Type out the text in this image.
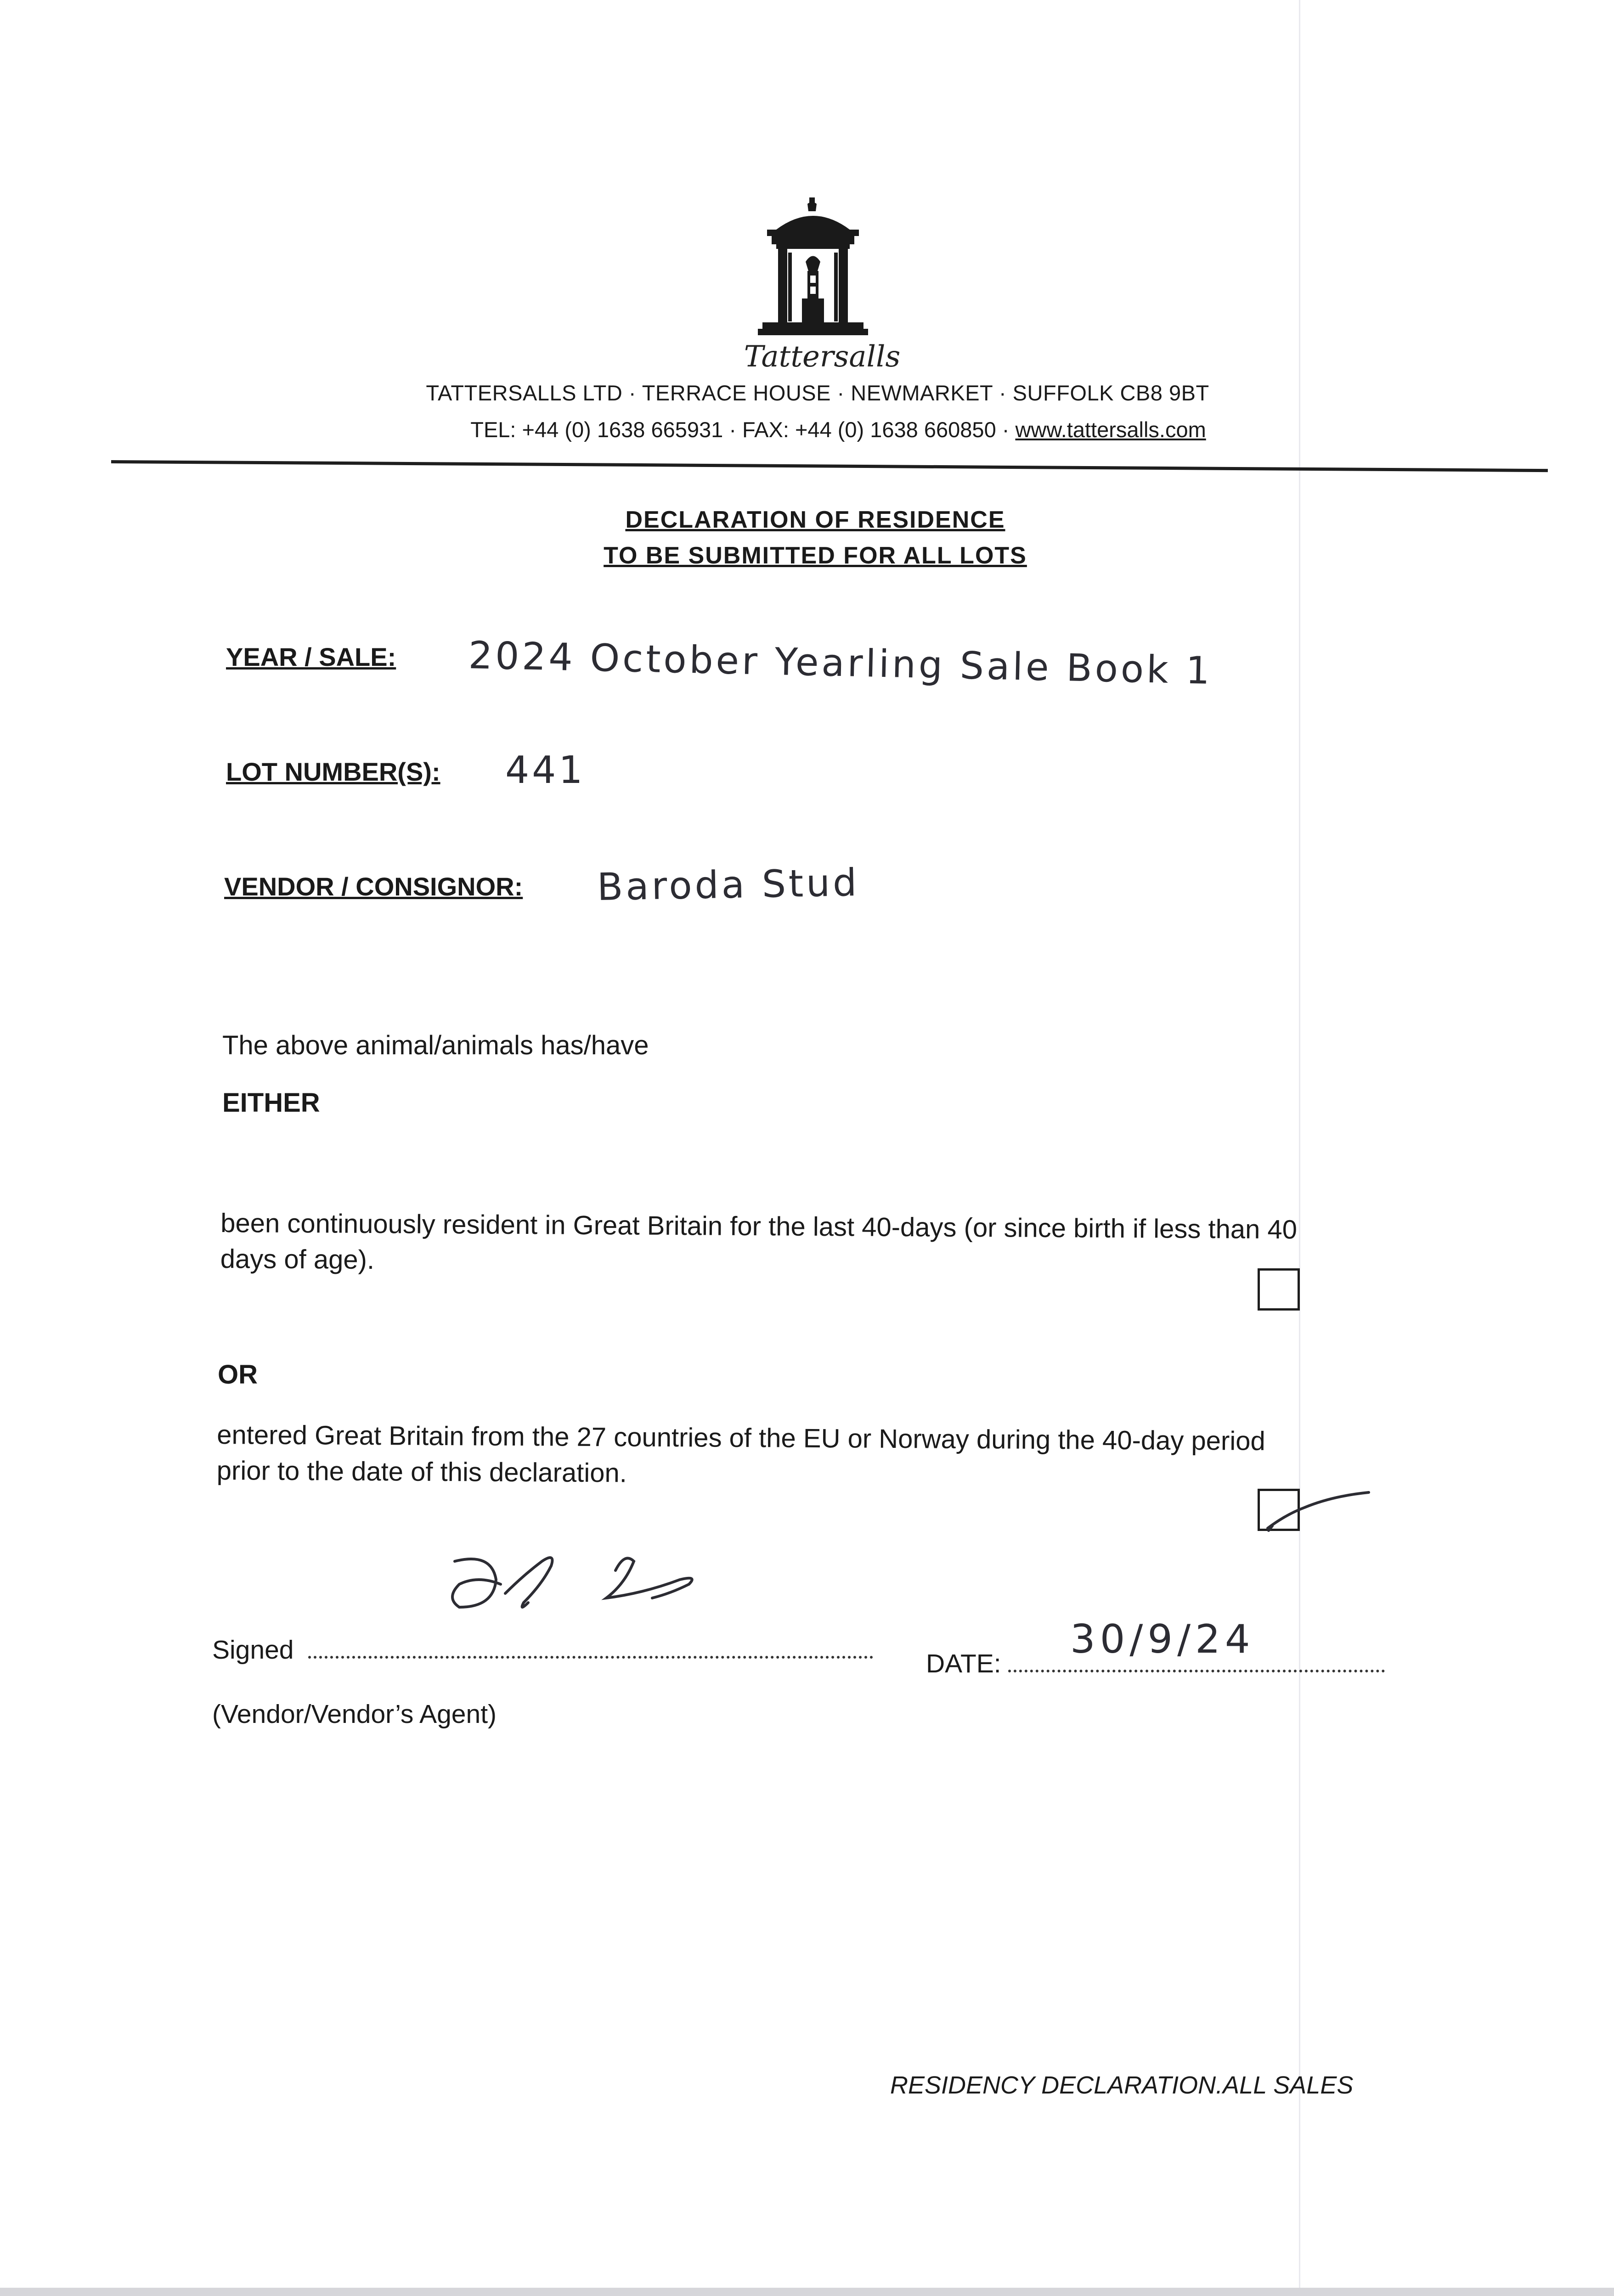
Tattersalls
TATTERSALLS LTD · TERRACE HOUSE · NEWMARKET · SUFFOLK CB8 9BT
TEL: +44 (0) 1638 665931 · FAX: +44 (0) 1638 660850 · www.tattersalls.com
DECLARATION OF RESIDENCE
TO BE SUBMITTED FOR ALL LOTS
YEAR / SALE: 2024 October Yearling Sale Book 1
LOT NUMBER(S): 441
VENDOR / CONSIGNOR: Baroda Stud
The above animal/animals has/have
EITHER
been continuously resident in Great Britain for the last 40-days (or since birth if less than 40
days of age).
OR
entered Great Britain from the 27 countries of the EU or Norway during the 40-day period
prior to the date of this declaration.
Signed	DATE:
30/9/24
(Vendor/Vendor’s Agent)
RESIDENCY DECLARATION.ALL SALES
